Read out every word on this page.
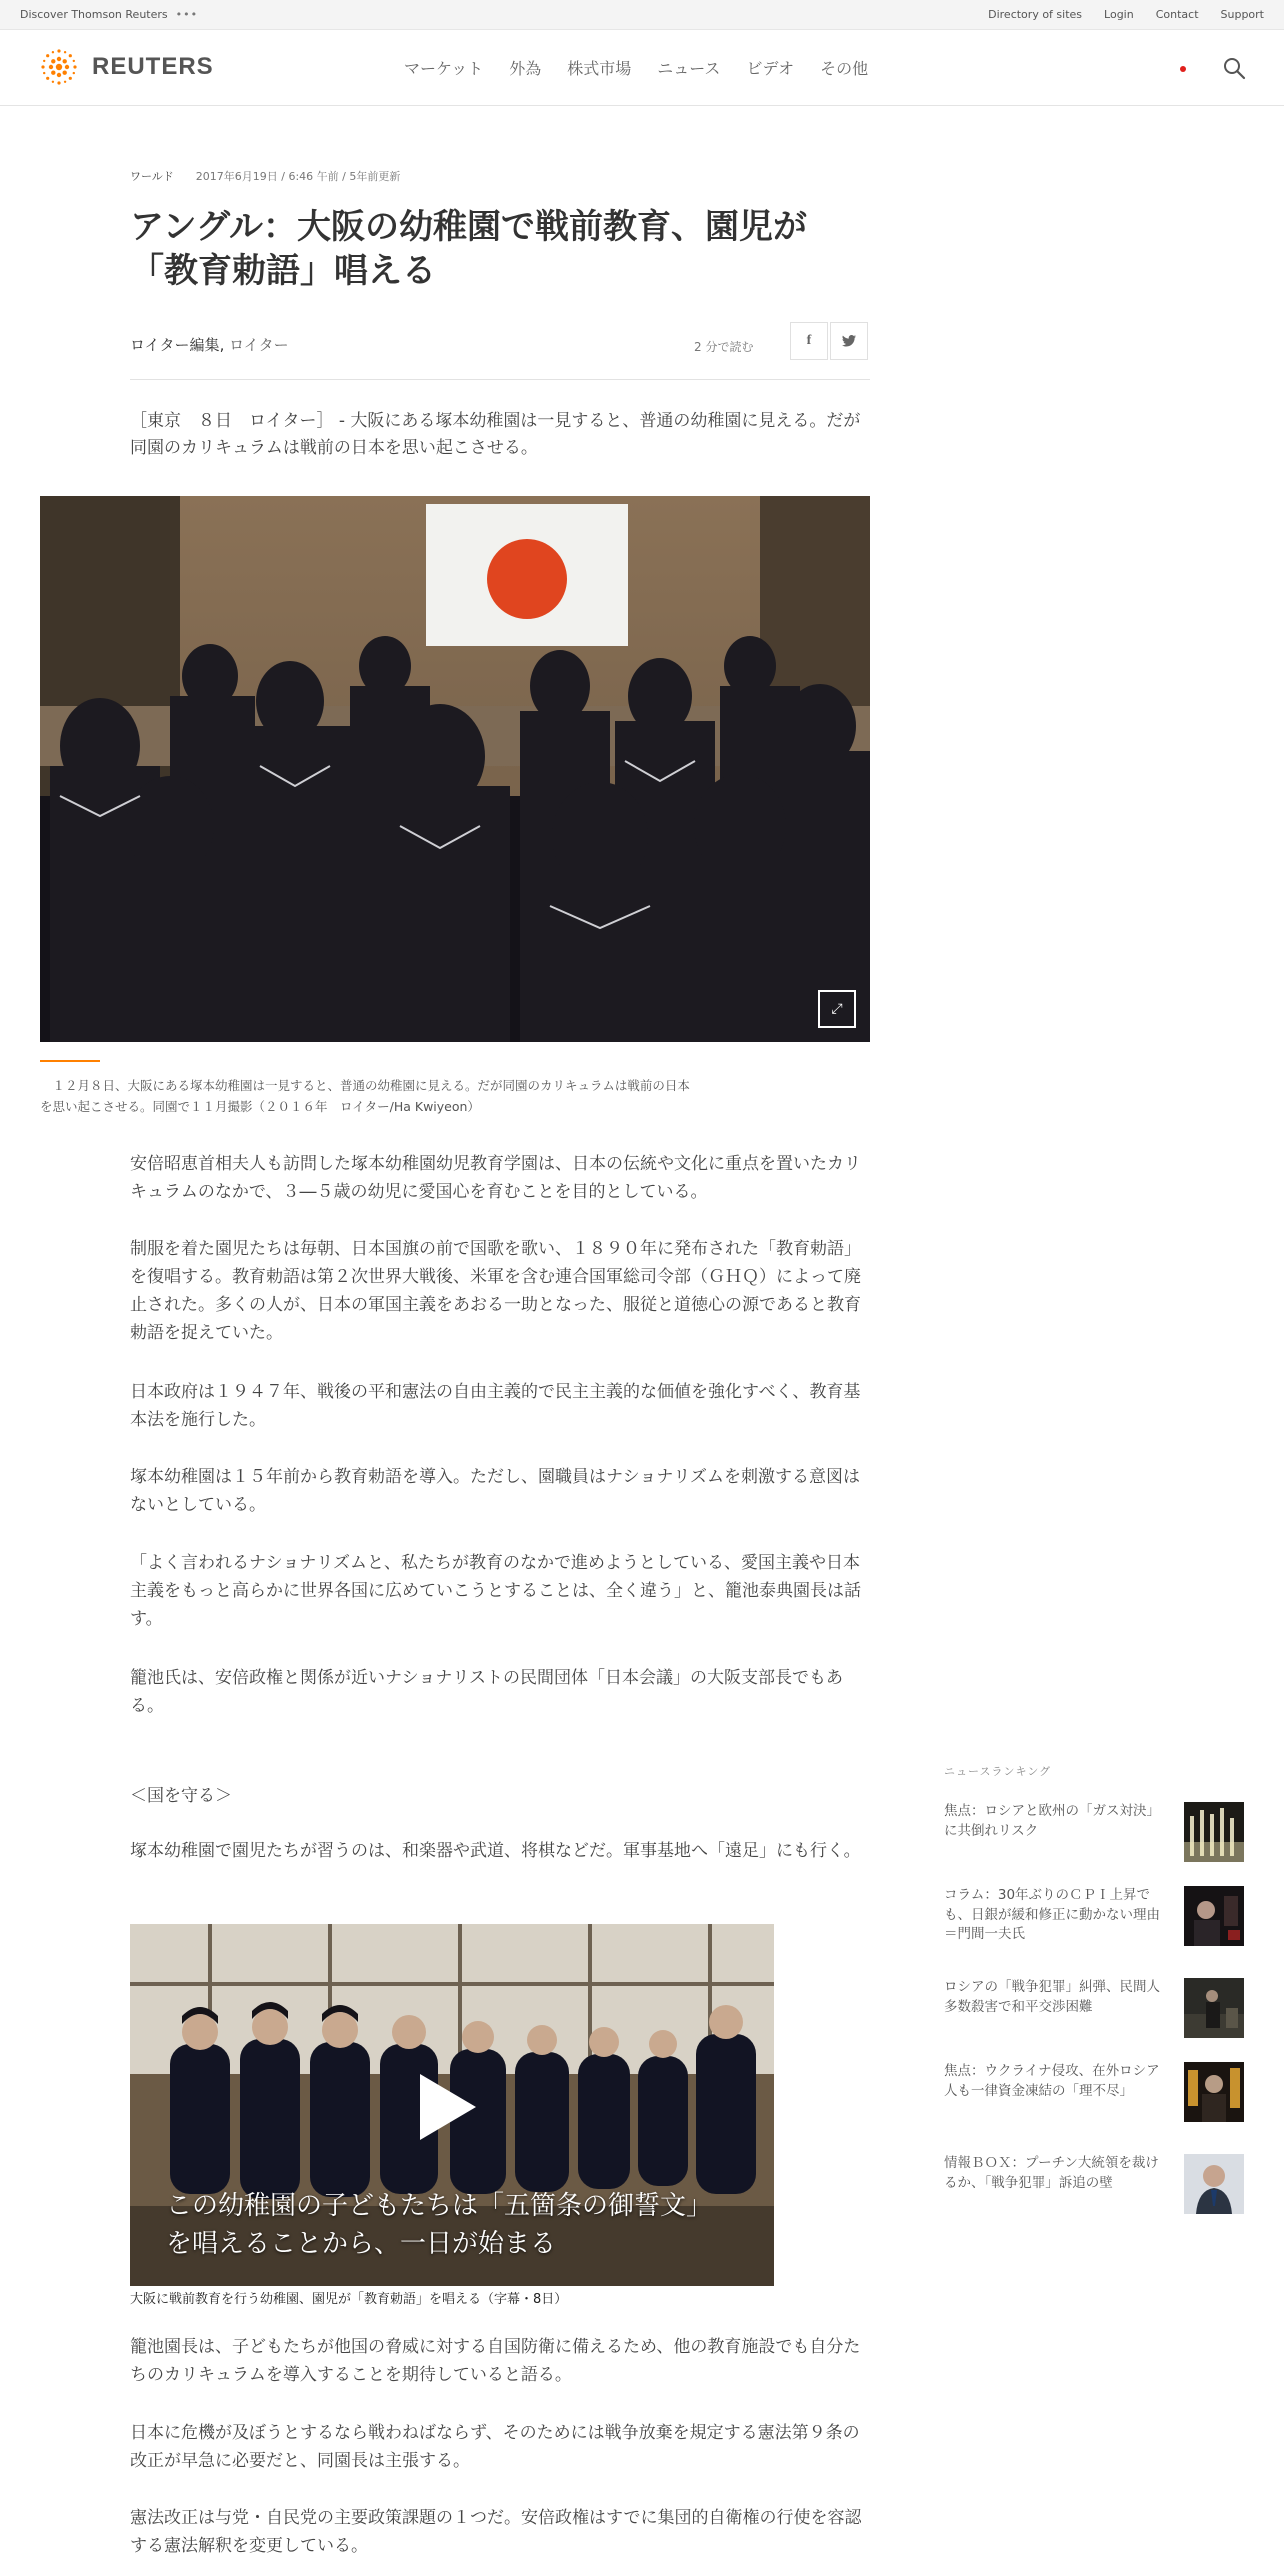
Discover Thomson Reuters •••	Directory of sites Login Contact Support
REUTERS	マーケット 外為 株式市場 ニュース ビデオ その他
ワールド 2017年6月19日 / 6:46 午前 / 5年前更新
アングル：大阪の幼稚園で戦前教育、園児が
「教育勅語」唱える
ロイター編集, ロイター	2 分で読む	f

［東京　８日　ロイター］ - 大阪にある塚本幼稚園は一見すると、普通の幼稚園に見える。だが同園のカリキュラムは戦前の日本を思い起こさせる。

⤢

　１２月８日、大阪にある塚本幼稚園は一見すると、普通の幼稚園に見える。だが同園のカリキュラムは戦前の日本を思い起こさせる。同園で１１月撮影（２０１６年　ロイター/Ha Kwiyeon）

安倍昭恵首相夫人も訪問した塚本幼稚園幼児教育学園は、日本の伝統や文化に重点を置いたカリキュラムのなかで、３―５歳の幼児に愛国心を育むことを目的としている。

制服を着た園児たちは毎朝、日本国旗の前で国歌を歌い、１８９０年に発布された「教育勅語」を復唱する。教育勅語は第２次世界大戦後、米軍を含む連合国軍総司令部（ＧＨＱ）によって廃止された。多くの人が、日本の軍国主義をあおる一助となった、服従と道徳心の源であると教育勅語を捉えていた。

日本政府は１９４７年、戦後の平和憲法の自由主義的で民主主義的な価値を強化すべく、教育基本法を施行した。

塚本幼稚園は１５年前から教育勅語を導入。ただし、園職員はナショナリズムを刺激する意図はないとしている。

「よく言われるナショナリズムと、私たちが教育のなかで進めようとしている、愛国主義や日本主義をもっと高らかに世界各国に広めていこうとすることは、全く違う」と、籠池泰典園長は話す。

籠池氏は、安倍政権と関係が近いナショナリストの民間団体「日本会議」の大阪支部長でもある。

＜国を守る＞

塚本幼稚園で園児たちが習うのは、和楽器や武道、将棋などだ。軍事基地へ「遠足」にも行く。

この幼稚園の子どもたちは「五箇条の御誓文」
を唱えることから、一日が始まる

大阪に戦前教育を行う幼稚園、園児が「教育勅語」を唱える（字幕・8日）

籠池園長は、子どもたちが他国の脅威に対する自国防衛に備えるため、他の教育施設でも自分たちのカリキュラムを導入することを期待していると語る。

日本に危機が及ぼうとするなら戦わねばならず、そのためには戦争放棄を規定する憲法第９条の改正が早急に必要だと、同園長は主張する。

憲法改正は与党・自民党の主要政策課題の１つだ。安倍政権はすでに集団的自衛権の行使を容認する憲法解釈を変更している。

ニュースランキング
焦点：ロシアと欧州の「ガス対決」に共倒れリスク
コラム：30年ぶりのＣＰＩ上昇でも、日銀が緩和修正に動かない理由＝門間一夫氏
ロシアの「戦争犯罪」糾弾、民間人多数殺害で和平交渉困難
焦点：ウクライナ侵攻、在外ロシア人も一律資金凍結の「理不尽」
情報ＢＯＸ：プーチン大統領を裁けるか、「戦争犯罪」訴追の壁
